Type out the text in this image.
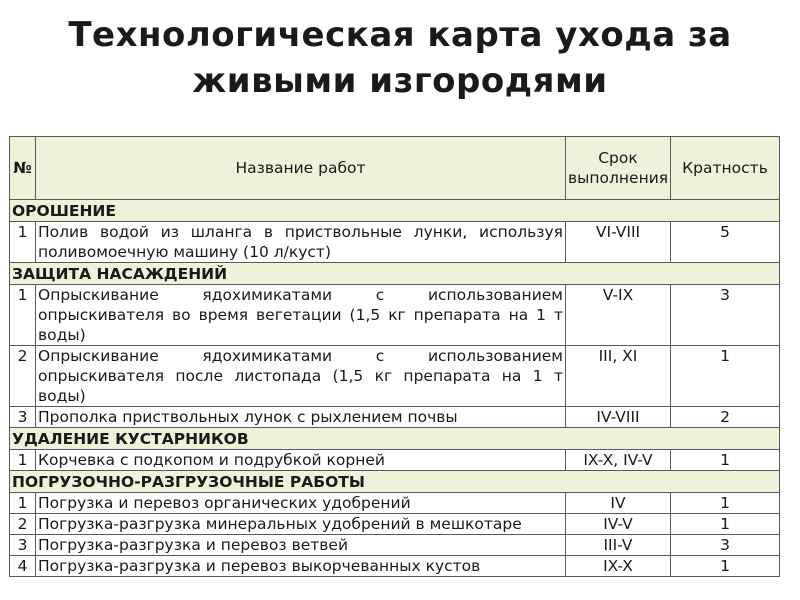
Технологическая карта ухода за
живыми изгородями
№	Название работ	Срок выполнения	Кратность
ОРОШЕНИЕ			
1	Полив водой из шланга в приствольные лунки, используя поливомоечную машину (10 л/куст)	VI-VIII	5
ЗАЩИТА НАСАЖДЕНИЙ			
1	Опрыскивание ядохимикатами с использованием опрыскивателя во время вегетации (1,5 кг препарата на 1 т воды)	V-IX	3
2	Опрыскивание ядохимикатами с использованием опрыскивателя после листопада (1,5 кг препарата на 1 т воды)	III, XI	1
3	Прополка приствольных лунок с рыхлением почвы	IV-VIII	2
УДАЛЕНИЕ КУСТАРНИКОВ			
1	Корчевка с подкопом и подрубкой корней	IX-X, IV-V	1
ПОГРУЗОЧНО-РАЗГРУЗОЧНЫЕ РАБОТЫ			
1	Погрузка и перевоз органических удобрений	IV	1
2	Погрузка-разгрузка минеральных удобрений в мешкотаре	IV-V	1
3	Погрузка-разгрузка и перевоз ветвей	III-V	3
4	Погрузка-разгрузка и перевоз выкорчеванных кустов	IX-X	1
